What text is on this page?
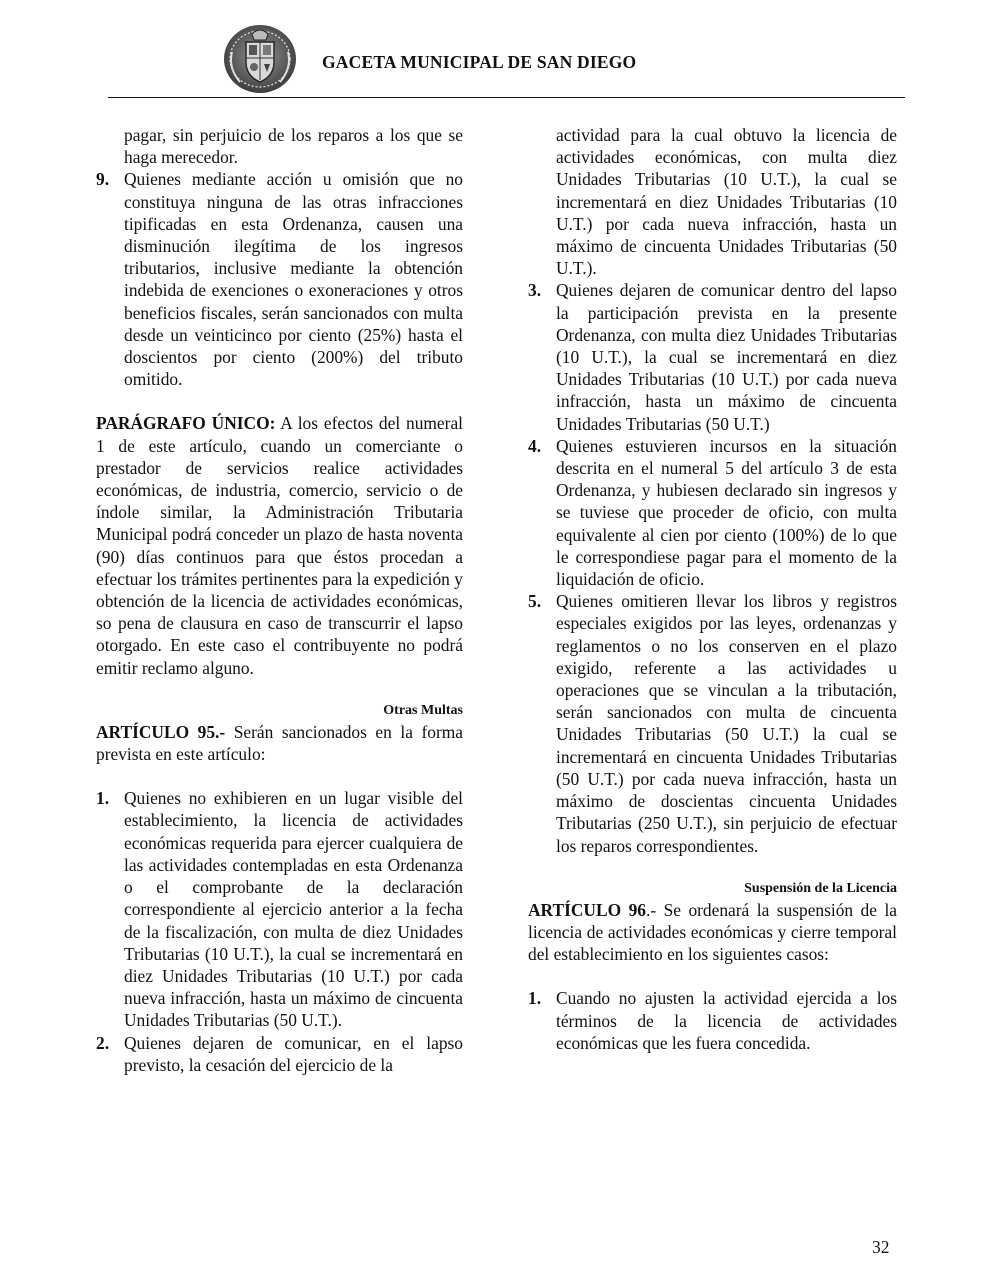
GACETA MUNICIPAL DE SAN DIEGO
pagar, sin perjuicio de los reparos a los que se haga merecedor.
9. Quienes mediante acción u omisión que no constituya ninguna de las otras infracciones tipificadas en esta Ordenanza, causen una disminución ilegítima de los ingresos tributarios, inclusive mediante la obtención indebida de exenciones o exoneraciones y otros beneficios fiscales, serán sancionados con multa desde un veinticinco por ciento (25%) hasta el doscientos por ciento (200%) del tributo omitido.

PARÁGRAFO ÚNICO: A los efectos del numeral 1 de este artículo, cuando un comerciante o prestador de servicios realice actividades económicas, de industria, comercio, servicio o de índole similar, la Administración Tributaria Municipal podrá conceder un plazo de hasta noventa (90) días continuos para que éstos procedan a efectuar los trámites pertinentes para la expedición y obtención de la licencia de actividades económicas, so pena de clausura en caso de transcurrir el lapso otorgado. En este caso el contribuyente no podrá emitir reclamo alguno.

Otras Multas

ARTÍCULO 95.- Serán sancionados en la forma prevista en este artículo:

1. Quienes no exhibieren en un lugar visible del establecimiento, la licencia de actividades económicas requerida para ejercer cualquiera de las actividades contempladas en esta Ordenanza o el comprobante de la declaración correspondiente al ejercicio anterior a la fecha de la fiscalización, con multa de diez Unidades Tributarias (10 U.T.), la cual se incrementará en diez Unidades Tributarias (10 U.T.) por cada nueva infracción, hasta un máximo de cincuenta Unidades Tributarias (50 U.T.).
2. Quienes dejaren de comunicar, en el lapso previsto, la cesación del ejercicio de la
actividad para la cual obtuvo la licencia de actividades económicas, con multa diez Unidades Tributarias (10 U.T.), la cual se incrementará en diez Unidades Tributarias (10 U.T.) por cada nueva infracción, hasta un máximo de cincuenta Unidades Tributarias (50 U.T.).
3. Quienes dejaren de comunicar dentro del lapso la participación prevista en la presente Ordenanza, con multa diez Unidades Tributarias (10 U.T.), la cual se incrementará en diez Unidades Tributarias (10 U.T.) por cada nueva infracción, hasta un máximo de cincuenta Unidades Tributarias (50 U.T.)
4. Quienes estuvieren incursos en la situación descrita en el numeral 5 del artículo 3 de esta Ordenanza, y hubiesen declarado sin ingresos y se tuviese que proceder de oficio, con multa equivalente al cien por ciento (100%) de lo que le correspondiese pagar para el momento de la liquidación de oficio.
5. Quienes omitieren llevar los libros y registros especiales exigidos por las leyes, ordenanzas y reglamentos o no los conserven en el plazo exigido, referente a las actividades u operaciones que se vinculan a la tributación, serán sancionados con multa de cincuenta Unidades Tributarias (50 U.T.) la cual se incrementará en cincuenta Unidades Tributarias (50 U.T.) por cada nueva infracción, hasta un máximo de doscientas cincuenta Unidades Tributarias (250 U.T.), sin perjuicio de efectuar los reparos correspondientes.
Suspensión de la Licencia

ARTÍCULO 96.- Se ordenará la suspensión de la licencia de actividades económicas y cierre temporal del establecimiento en los siguientes casos:

1. Cuando no ajusten la actividad ejercida a los términos de la licencia de actividades económicas que les fuera concedida.
32
